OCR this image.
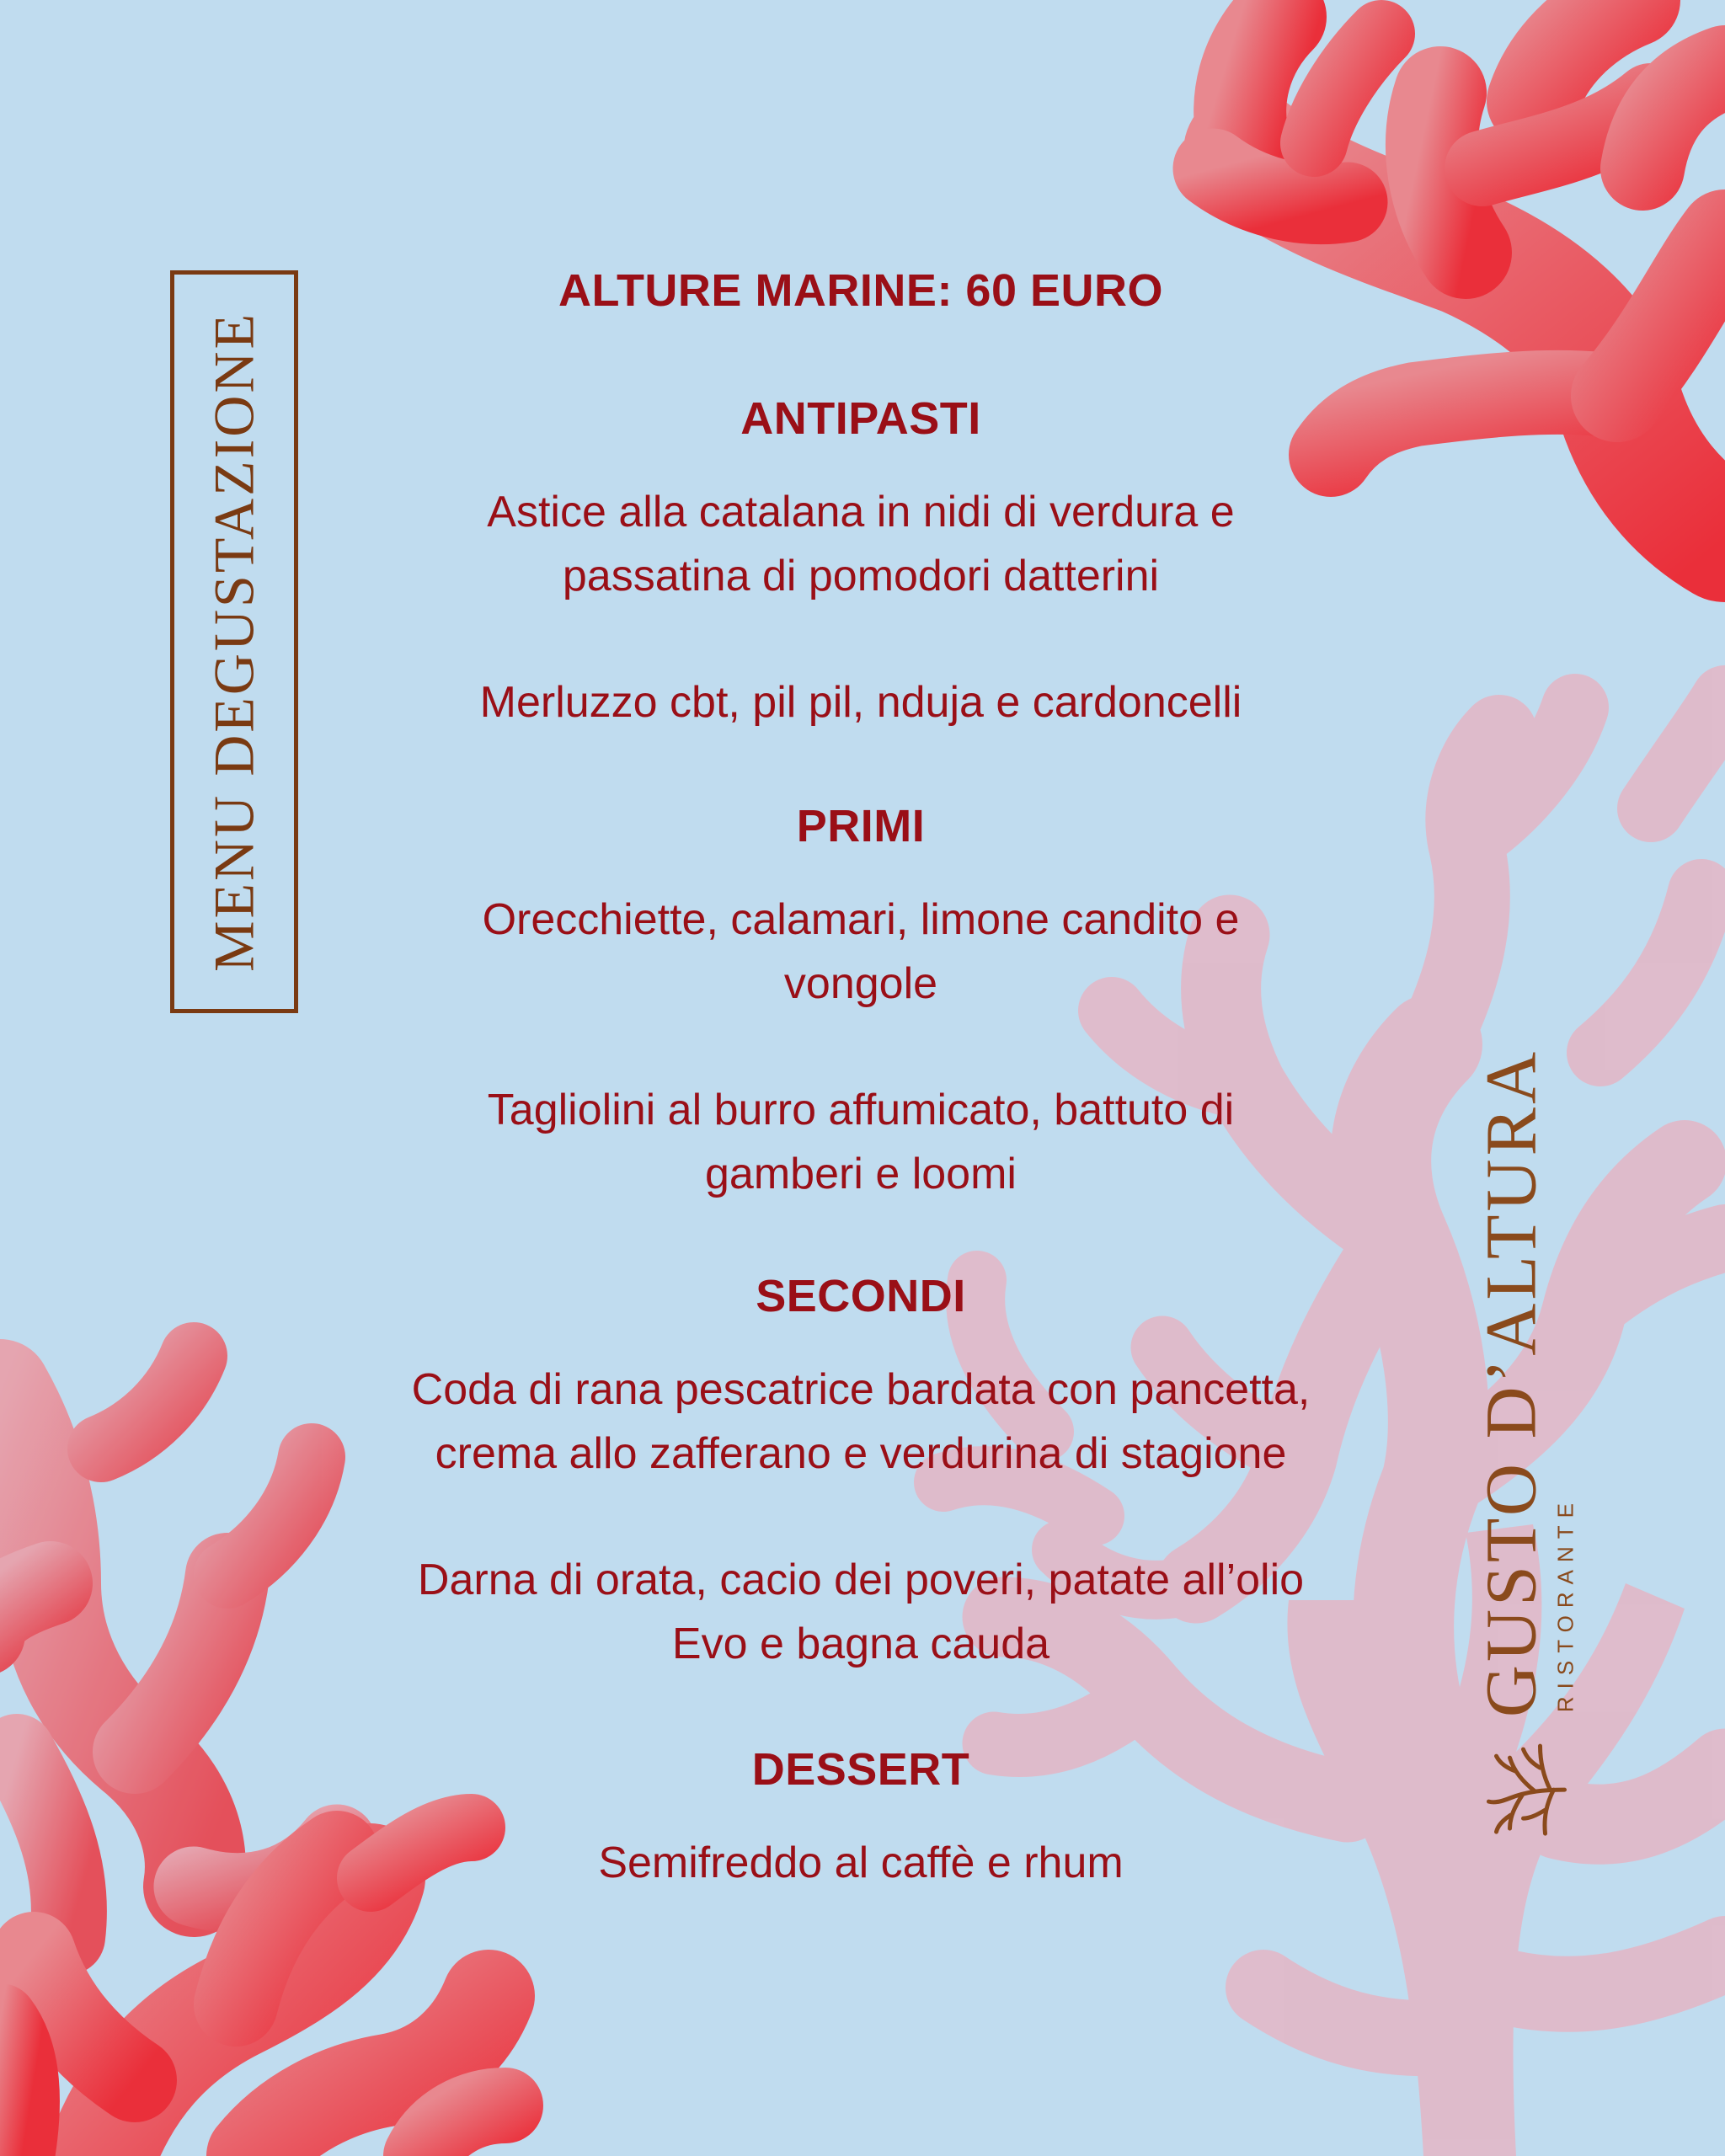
MENU DEGUSTAZIONE
ALTURE MARINE: 60 EURO
ANTIPASTI
Astice alla catalana in nidi di verdura e
passatina di pomodori datterini
Merluzzo cbt, pil pil, nduja e cardoncelli
PRIMI
Orecchiette, calamari, limone candito e
vongole
Tagliolini al burro affumicato, battuto di
gamberi e loomi
SECONDI
Coda di rana pescatrice bardata con pancetta,
crema allo zafferano e verdurina di stagione
Darna di orata, cacio dei poveri, patate all’olio
Evo e bagna cauda
DESSERT
Semifreddo al caffè e rhum
GUSTO D’ALTURA RISTORANTE
